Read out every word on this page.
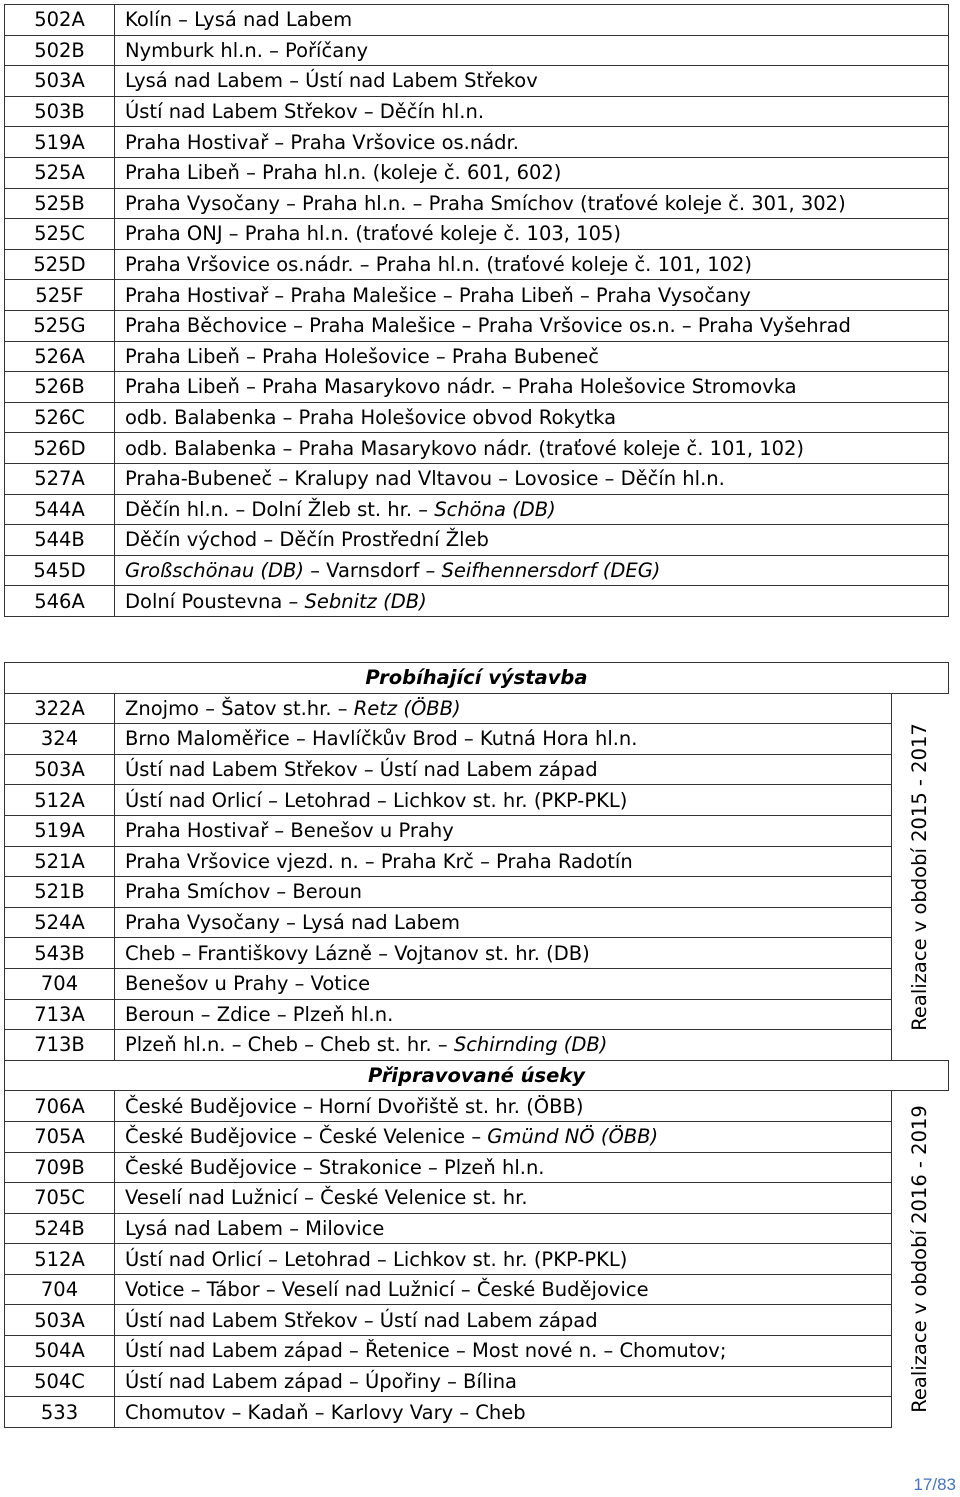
502A	Kolín – Lysá nad Labem
502B	Nymburk hl.n. – Poříčany
503A	Lysá nad Labem – Ústí nad Labem Střekov
503B	Ústí nad Labem Střekov – Děčín hl.n.
519A	Praha Hostivař – Praha Vršovice os.nádr.
525A	Praha Libeň – Praha hl.n. (koleje č. 601, 602)
525B	Praha Vysočany – Praha hl.n. – Praha Smíchov (traťové koleje č. 301, 302)
525C	Praha ONJ – Praha hl.n. (traťové koleje č. 103, 105)
525D	Praha Vršovice os.nádr. – Praha hl.n. (traťové koleje č. 101, 102)
525F	Praha Hostivař – Praha Malešice – Praha Libeň – Praha Vysočany
525G	Praha Běchovice – Praha Malešice – Praha Vršovice os.n. – Praha Vyšehrad
526A	Praha Libeň – Praha Holešovice – Praha Bubeneč
526B	Praha Libeň – Praha Masarykovo nádr. – Praha Holešovice Stromovka
526C	odb. Balabenka – Praha Holešovice obvod Rokytka
526D	odb. Balabenka – Praha Masarykovo nádr. (traťové koleje č. 101, 102)
527A	Praha-Bubeneč – Kralupy nad Vltavou – Lovosice – Děčín hl.n.
544A	Děčín hl.n. – Dolní Žleb st. hr. – Schöna (DB)
544B	Děčín východ – Děčín Prostřední Žleb
545D	Großschönau (DB) – Varnsdorf – Seifhennersdorf (DEG)
546A	Dolní Poustevna – Sebnitz (DB)
Probíhající výstavba		
322A	Znojmo – Šatov st.hr. – Retz (ÖBB)	Realizace v období 2015 - 2017

324	Brno Maloměřice – Havlíčkův Brod – Kutná Hora hl.n.	
503A	Ústí nad Labem Střekov – Ústí nad Labem západ	
512A	Ústí nad Orlicí – Letohrad – Lichkov st. hr. (PKP-PKL)	
519A	Praha Hostivař – Benešov u Prahy	
521A	Praha Vršovice vjezd. n. – Praha Krč – Praha Radotín	
521B	Praha Smíchov – Beroun	
524A	Praha Vysočany – Lysá nad Labem	
543B	Cheb – Františkovy Lázně – Vojtanov st. hr. (DB)	
704	Benešov u Prahy – Votice	
713A	Beroun – Zdice – Plzeň hl.n.	
713B	Plzeň hl.n. – Cheb – Cheb st. hr. – Schirnding (DB)	
Připravované úseky		
706A	České Budějovice – Horní Dvořiště st. hr. (ÖBB)	Realizace v období 2016 - 2019

705A	České Budějovice – České Velenice – Gmünd NÖ (ÖBB)	
709B	České Budějovice – Strakonice – Plzeň hl.n.	
705C	Veselí nad Lužnicí – České Velenice st. hr.	
524B	Lysá nad Labem – Milovice	
512A	Ústí nad Orlicí – Letohrad – Lichkov st. hr. (PKP-PKL)	
704	Votice – Tábor – Veselí nad Lužnicí – České Budějovice	
503A	Ústí nad Labem Střekov – Ústí nad Labem západ	
504A	Ústí nad Labem západ – Řetenice – Most nové n. – Chomutov;	
504C	Ústí nad Labem západ – Úpořiny – Bílina	
533	Chomutov – Kadaň – Karlovy Vary – Cheb	
17/83
